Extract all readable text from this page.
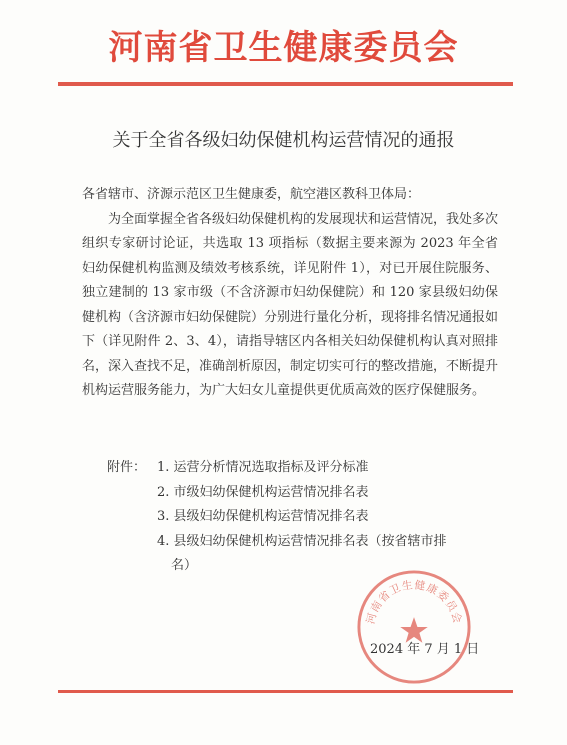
河南省卫生健康委员会
关于全省各级妇幼保健机构运营情况的通报

各省辖市、济源示范区卫生健康委，航空港区教科卫体局：

为全面掌握全省各级妇幼保健机构的发展现状和运营情况，我处多次组织专家研讨论证，共选取 13 项指标（数据主要来源为 2023 年全省妇幼保健机构监测及绩效考核系统，详见附件 1），对已开展住院服务、独立建制的 13 家市级（不含济源市妇幼保健院）和 120 家县级妇幼保健机构（含济源市妇幼保健院）分别进行量化分析，现将排名情况通报如下（详见附件 2、3、4），请指导辖区内各相关妇幼保健机构认真对照排名，深入查找不足，准确剖析原因，制定切实可行的整改措施，不断提升机构运营服务能力，为广大妇女儿童提供更优质高效的医疗保健服务。

附件： 1. 运营分析情况选取指标及评分标准
2. 市级妇幼保健机构运营情况排名表
3. 县级妇幼保健机构运营情况排名表
4. 县级妇幼保健机构运营情况排名表（按省辖市排
名）
河南省卫生健康委员会
2024 年 7 月 1 日
